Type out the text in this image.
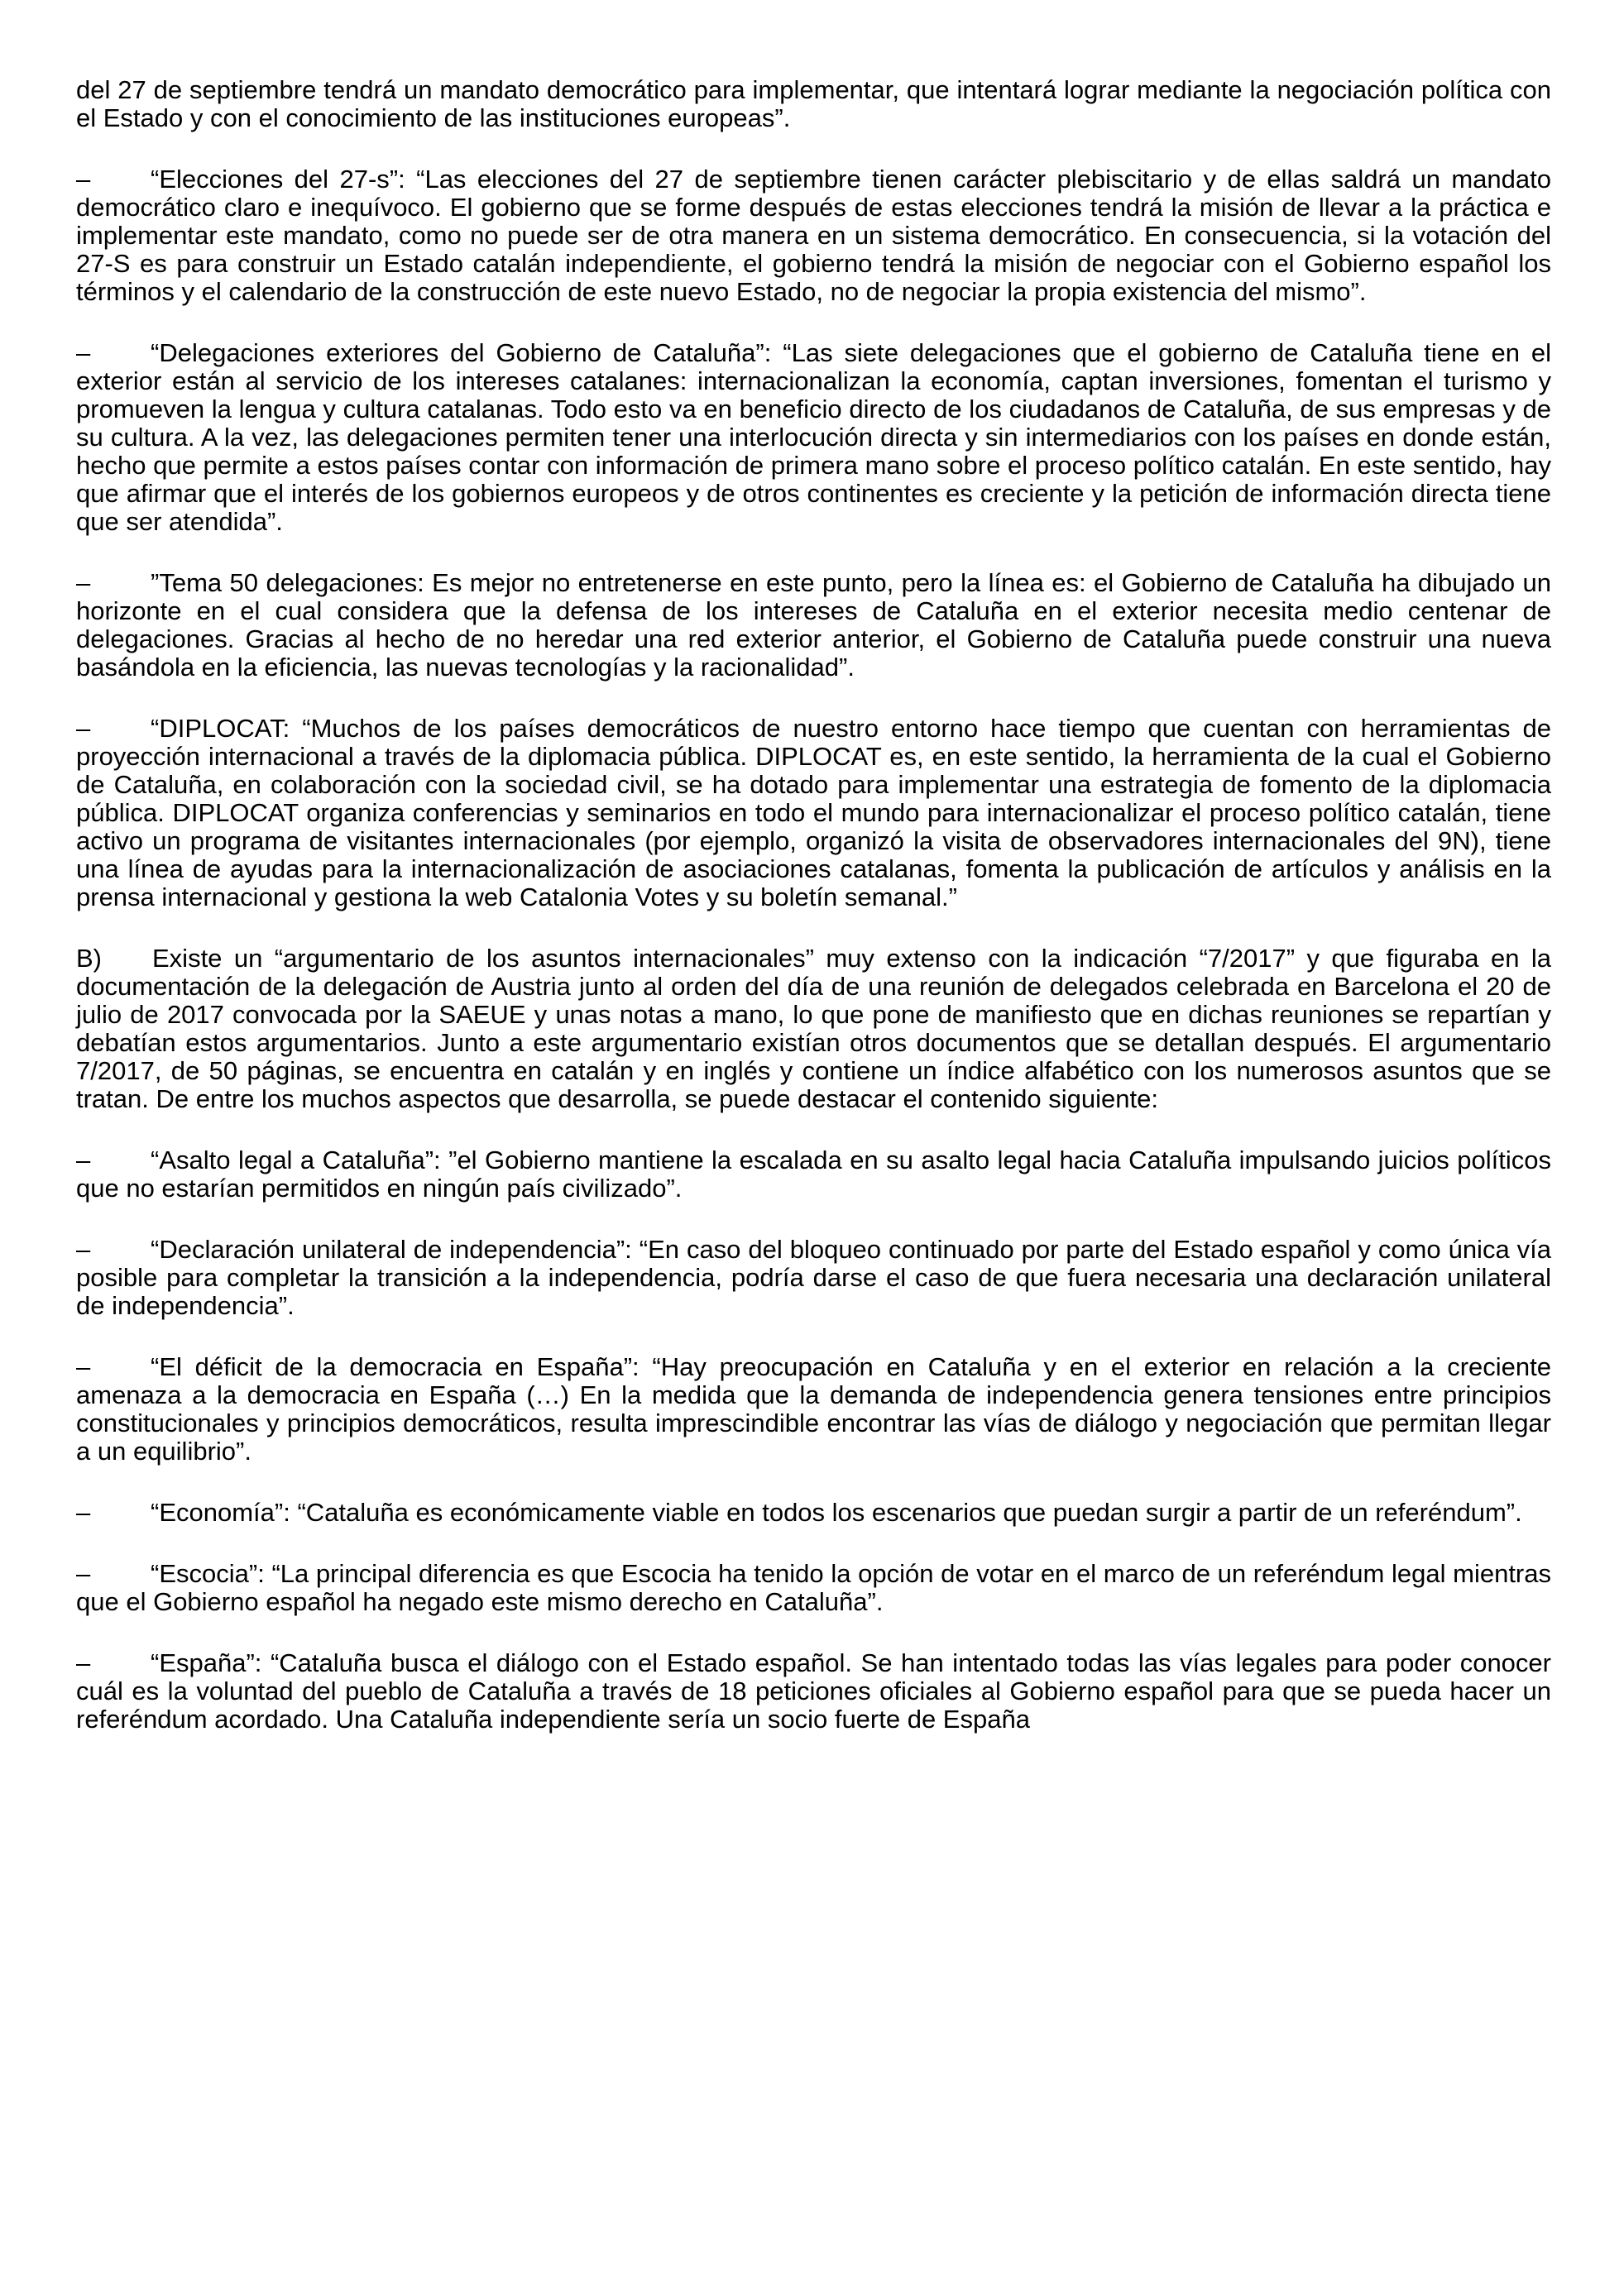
del 27 de septiembre tendrá un mandato democrático para implementar, que intentará lograr mediante la negociación política con el Estado y con el conocimiento de las instituciones europeas”.

– “Elecciones del 27-s”: “Las elecciones del 27 de septiembre tienen carácter plebiscitario y de ellas saldrá un mandato democrático claro e inequívoco. El gobierno que se forme después de estas elecciones tendrá la misión de llevar a la práctica e implementar este mandato, como no puede ser de otra manera en un sistema democrático. En consecuencia, si la votación del 27-S es para construir un Estado catalán independiente, el gobierno tendrá la misión de negociar con el Gobierno español los términos y el calendario de la construcción de este nuevo Estado, no de negociar la propia existencia del mismo”.

– “Delegaciones exteriores del Gobierno de Cataluña”: “Las siete delegaciones que el gobierno de Cataluña tiene en el exterior están al servicio de los intereses catalanes: internacionalizan la economía, captan inversiones, fomentan el turismo y promueven la lengua y cultura catalanas. Todo esto va en beneficio directo de los ciudadanos de Cataluña, de sus empresas y de su cultura. A la vez, las delegaciones permiten tener una interlocución directa y sin intermediarios con los países en donde están, hecho que permite a estos países contar con información de primera mano sobre el proceso político catalán. En este sentido, hay que afirmar que el interés de los gobiernos europeos y de otros continentes es creciente y la petición de información directa tiene que ser atendida”.

– ”Tema 50 delegaciones: Es mejor no entretenerse en este punto, pero la línea es: el Gobierno de Cataluña ha dibujado un horizonte en el cual considera que la defensa de los intereses de Cataluña en el exterior necesita medio centenar de delegaciones. Gracias al hecho de no heredar una red exterior anterior, el Gobierno de Cataluña puede construir una nueva basándola en la eficiencia, las nuevas tecnologías y la racionalidad”.

– “DIPLOCAT: “Muchos de los países democráticos de nuestro entorno hace tiempo que cuentan con herramientas de proyección internacional a través de la diplomacia pública. DIPLOCAT es, en este sentido, la herramienta de la cual el Gobierno de Cataluña, en colaboración con la sociedad civil, se ha dotado para implementar una estrategia de fomento de la diplomacia pública. DIPLOCAT organiza conferencias y seminarios en todo el mundo para internacionalizar el proceso político catalán, tiene activo un programa de visitantes internacionales (por ejemplo, organizó la visita de observadores internacionales del 9N), tiene una línea de ayudas para la internacionalización de asociaciones catalanas, fomenta la publicación de artículos y análisis en la prensa internacional y gestiona la web Catalonia Votes y su boletín semanal.”

B) Existe un “argumentario de los asuntos internacionales” muy extenso con la indicación “7/2017” y que figuraba en la documentación de la delegación de Austria junto al orden del día de una reunión de delegados celebrada en Barcelona el 20 de julio de 2017 convocada por la SAEUE y unas notas a mano, lo que pone de manifiesto que en dichas reuniones se repartían y debatían estos argumentarios. Junto a este argumentario existían otros documentos que se detallan después. El argumentario 7/2017, de 50 páginas, se encuentra en catalán y en inglés y contiene un índice alfabético con los numerosos asuntos que se tratan. De entre los muchos aspectos que desarrolla, se puede destacar el contenido siguiente:

– “Asalto legal a Cataluña”: ”el Gobierno mantiene la escalada en su asalto legal hacia Cataluña impulsando juicios políticos que no estarían permitidos en ningún país civilizado”.

– “Declaración unilateral de independencia”: “En caso del bloqueo continuado por parte del Estado español y como única vía posible para completar la transición a la independencia, podría darse el caso de que fuera necesaria una declaración unilateral de independencia”.

– “El déficit de la democracia en España”: “Hay preocupación en Cataluña y en el exterior en relación a la creciente amenaza a la democracia en España (…) En la medida que la demanda de independencia genera tensiones entre principios constitucionales y principios democráticos, resulta imprescindible encontrar las vías de diálogo y negociación que permitan llegar a un equilibrio”.

– “Economía”: “Cataluña es económicamente viable en todos los escenarios que puedan surgir a partir de un referéndum”.

– “Escocia”: “La principal diferencia es que Escocia ha tenido la opción de votar en el marco de un referéndum legal mientras que el Gobierno español ha negado este mismo derecho en Cataluña”.

– “España”: “Cataluña busca el diálogo con el Estado español. Se han intentado todas las vías legales para poder conocer cuál es la voluntad del pueblo de Cataluña a través de 18 peticiones oficiales al Gobierno español para que se pueda hacer un referéndum acordado. Una Cataluña independiente sería un socio fuerte de España
